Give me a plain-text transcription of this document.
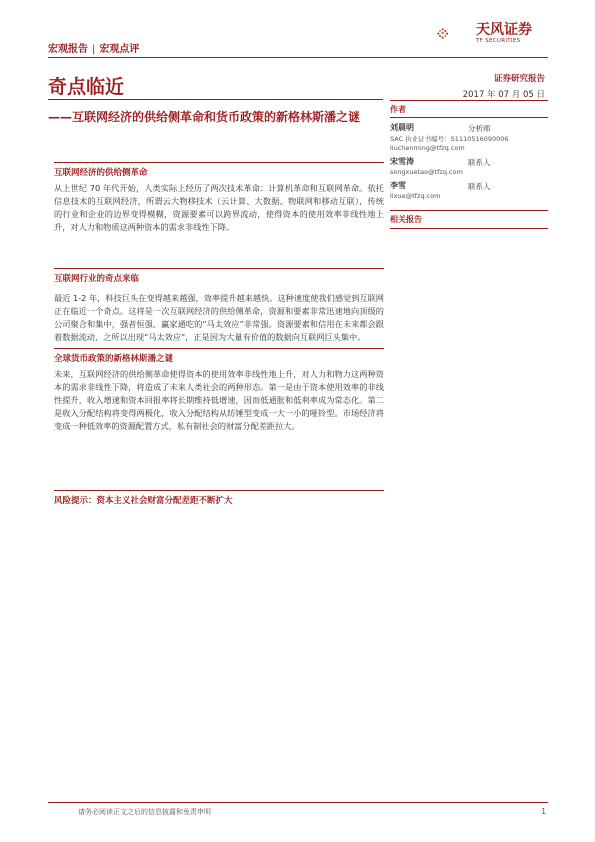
宏观报告 | 宏观点评
天风证券
TF SECURITIES
奇点临近
——互联网经济的供给侧革命和货币政策的新格林斯潘之谜
证券研究报告
2017 年 07 月 05 日
互联网经济的供给侧革命
从上世纪 70 年代开始，人类实际上经历了两次技术革命：计算机革命和互联网革命。依托信息技术的互联网经济，所谓云大物移技术（云计算、大数据、物联网和移动互联），传统的行业和企业的边界变得模糊，资源要素可以跨界流动，使得资本的使用效率非线性地上升，对人力和物质这两种资本的需求非线性下降。
互联网行业的奇点来临
最近 1-2 年，科技巨头在变得越来越强，效率提升越来越快。这种速度使我们感觉到互联网正在临近一个奇点。这将是一次互联网经济的供给侧革命，资源和要素非常迅速地向顶级的公司聚合和集中，强者恒强、赢家通吃的“马太效应”非常强。资源要素和信用在未来都会跟着数据流动，之所以出现“马太效应”，正是因为大量有价值的数据向互联网巨头集中。
全球货币政策的新格林斯潘之谜
未来，互联网经济的供给侧革命使得资本的使用效率非线性地上升，对人力和物力这两种资本的需求非线性下降，将造成了未来人类社会的两种形态。第一是由于资本使用效率的非线性提升，收入增速和资本回报率将长期维持低增速，因而低通胀和低利率成为常态化。第二是收入分配结构将变得两极化，收入分配结构从纺锤型变成一大一小的哑铃型。市场经济将变成一种低效率的资源配置方式，私有制社会的财富分配差距拉大。
风险提示：资本主义社会财富分配差距不断扩大
作者
刘晨明	分析师
SAC 执业证书编号：S1110516090006
liuchenming@tfzq.com
宋雪涛	联系人
songxuetao@tfzq.com
李雪	联系人
lixue@tfzq.com
相关报告
请务必阅读正文之后的信息披露和免责申明	1
